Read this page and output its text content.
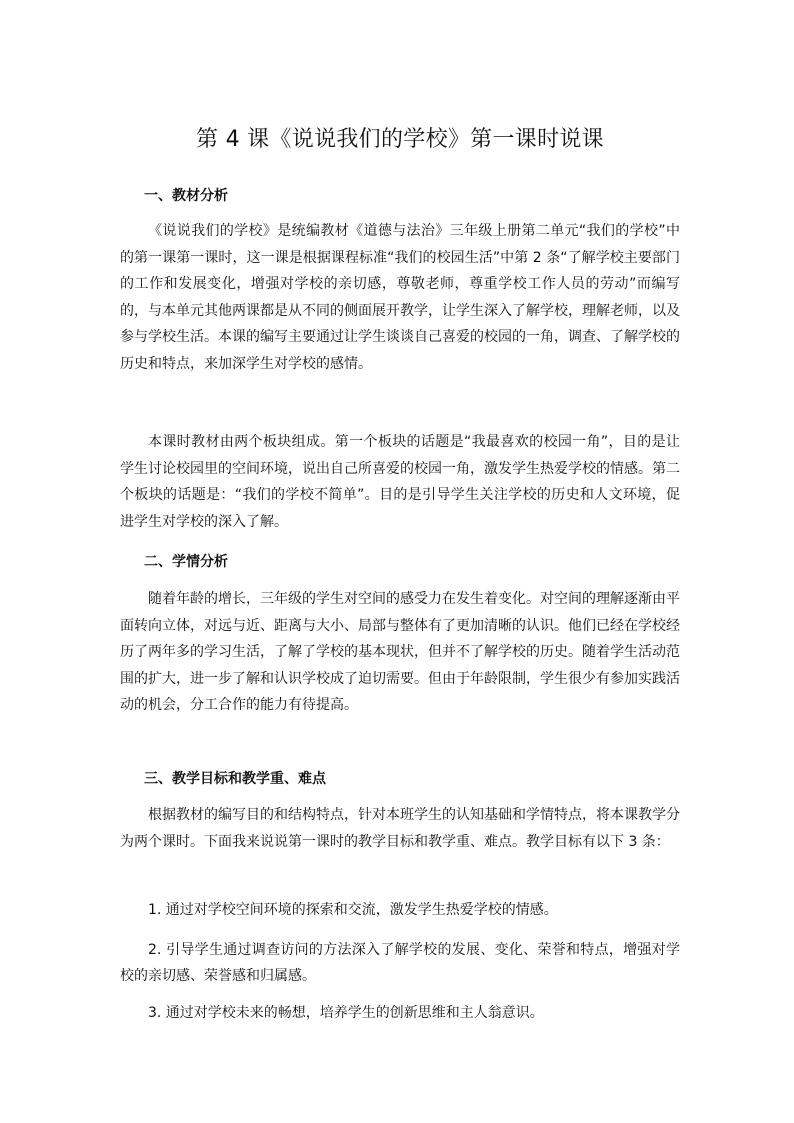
第 4 课《说说我们的学校》第一课时说课
一、教材分析
《说说我们的学校》是统编教材《道德与法治》三年级上册第二单元“我们的学校”中的第一课第一课时，这一课是根据课程标准“我们的校园生活”中第 2 条“了解学校主要部门的工作和发展变化，增强对学校的亲切感，尊敬老师，尊重学校工作人员的劳动”而编写的，与本单元其他两课都是从不同的侧面展开教学，让学生深入了解学校，理解老师，以及参与学校生活。本课的编写主要通过让学生谈谈自己喜爱的校园的一角，调查、了解学校的历史和特点，来加深学生对学校的感情。
本课时教材由两个板块组成。第一个板块的话题是“我最喜欢的校园一角”，目的是让学生讨论校园里的空间环境，说出自己所喜爱的校园一角，激发学生热爱学校的情感。第二个板块的话题是：“我们的学校不简单”。目的是引导学生关注学校的历史和人文环境，促进学生对学校的深入了解。
二、学情分析
随着年龄的增长，三年级的学生对空间的感受力在发生着变化。对空间的理解逐渐由平面转向立体，对远与近、距离与大小、局部与整体有了更加清晰的认识。他们已经在学校经历了两年多的学习生活，了解了学校的基本现状，但并不了解学校的历史。随着学生活动范围的扩大，进一步了解和认识学校成了迫切需要。但由于年龄限制，学生很少有参加实践活动的机会，分工合作的能力有待提高。
三、教学目标和教学重、难点
根据教材的编写目的和结构特点，针对本班学生的认知基础和学情特点，将本课教学分为两个课时。下面我来说说第一课时的教学目标和教学重、难点。教学目标有以下 3 条：
1. 通过对学校空间环境的探索和交流，激发学生热爱学校的情感。
2. 引导学生通过调查访问的方法深入了解学校的发展、变化、荣誉和特点，增强对学校的亲切感、荣誉感和归属感。
3. 通过对学校未来的畅想，培养学生的创新思维和主人翁意识。
